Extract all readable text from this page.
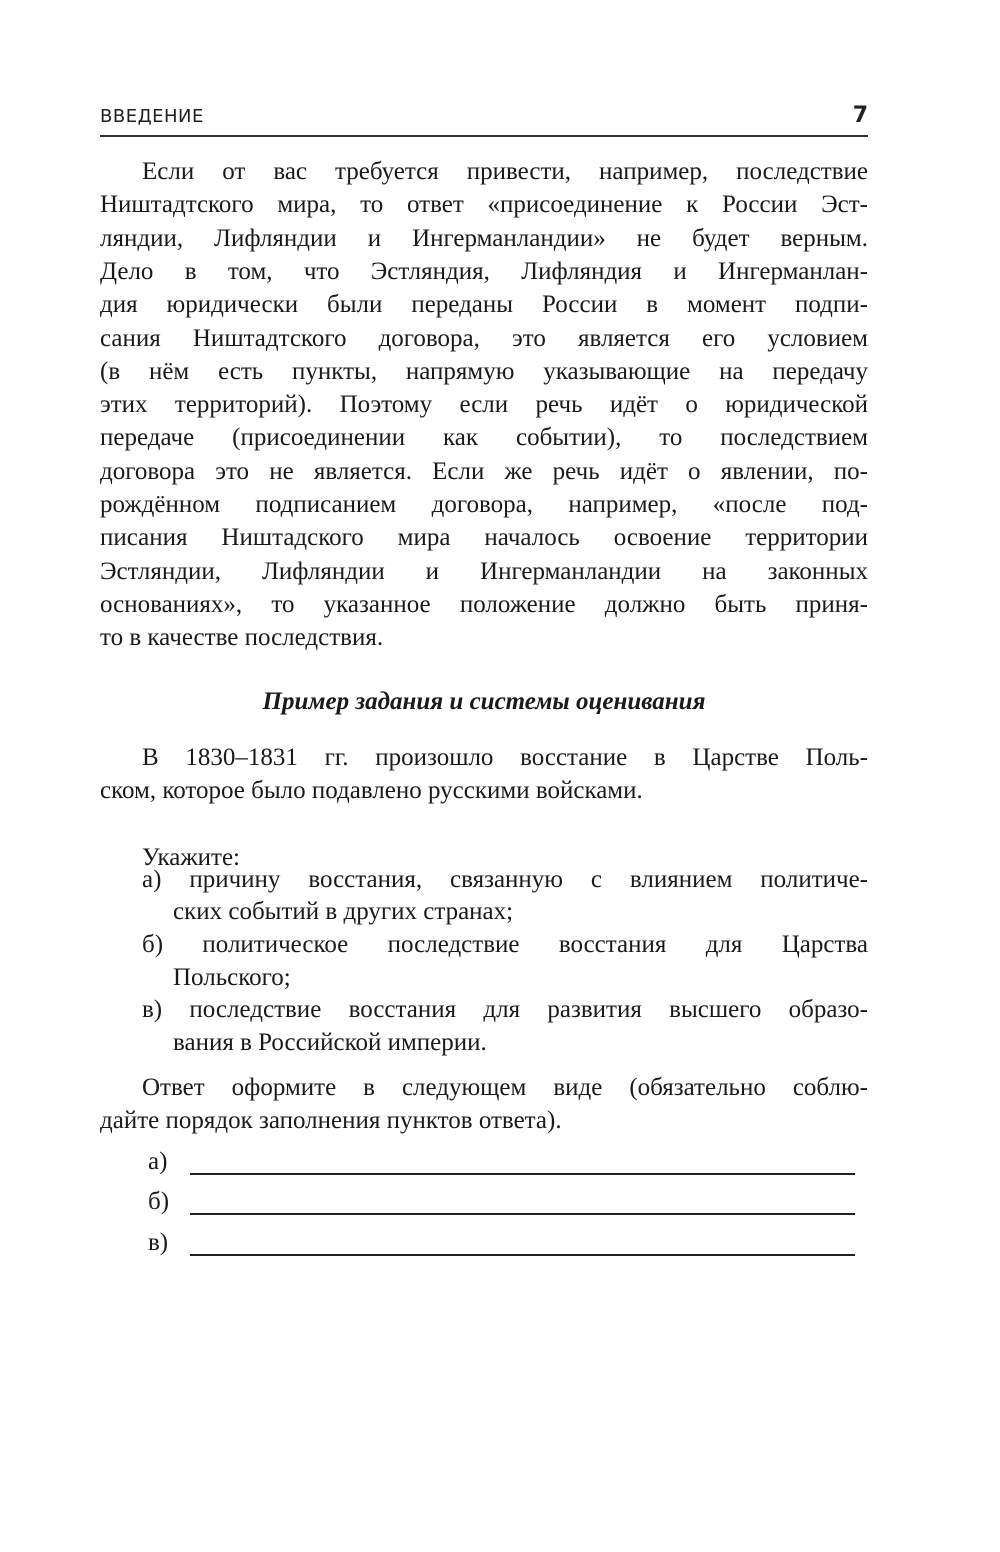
ВВЕДЕНИЕ	7
Если от вас требуется привести, например, последствие
Ништадтского мира, то ответ «присоединение к России Эст-
ляндии, Лифляндии и Ингерманландии» не будет верным.
Дело в том, что Эстляндия, Лифляндия и Ингерманлан-
дия юридически были переданы России в момент подпи-
сания Ништадтского договора, это является его условием
(в нём есть пункты, напрямую указывающие на передачу
этих территорий). Поэтому если речь идёт о юридической
передаче (присоединении как событии), то последствием
договора это не является. Если же речь идёт о явлении, по-
рождённом подписанием договора, например, «после под-
писания Ништадского мира началось освоение территории
Эстляндии, Лифляндии и Ингерманландии на законных
основаниях», то указанное положение должно быть приня-
то в качестве последствия.
Пример задания и системы оценивания
В 1830–1831 гг. произошло восстание в Царстве Поль-
ском, которое было подавлено русскими войсками.
Укажите:
а) причину восстания, связанную с влиянием политиче-
ских событий в других странах;
б) политическое последствие восстания для Царства
Польского;
в) последствие восстания для развития высшего образо-
вания в Российской империи.
Ответ оформите в следующем виде (обязательно соблю-
дайте порядок заполнения пунктов ответа).
а)
б)
в)
